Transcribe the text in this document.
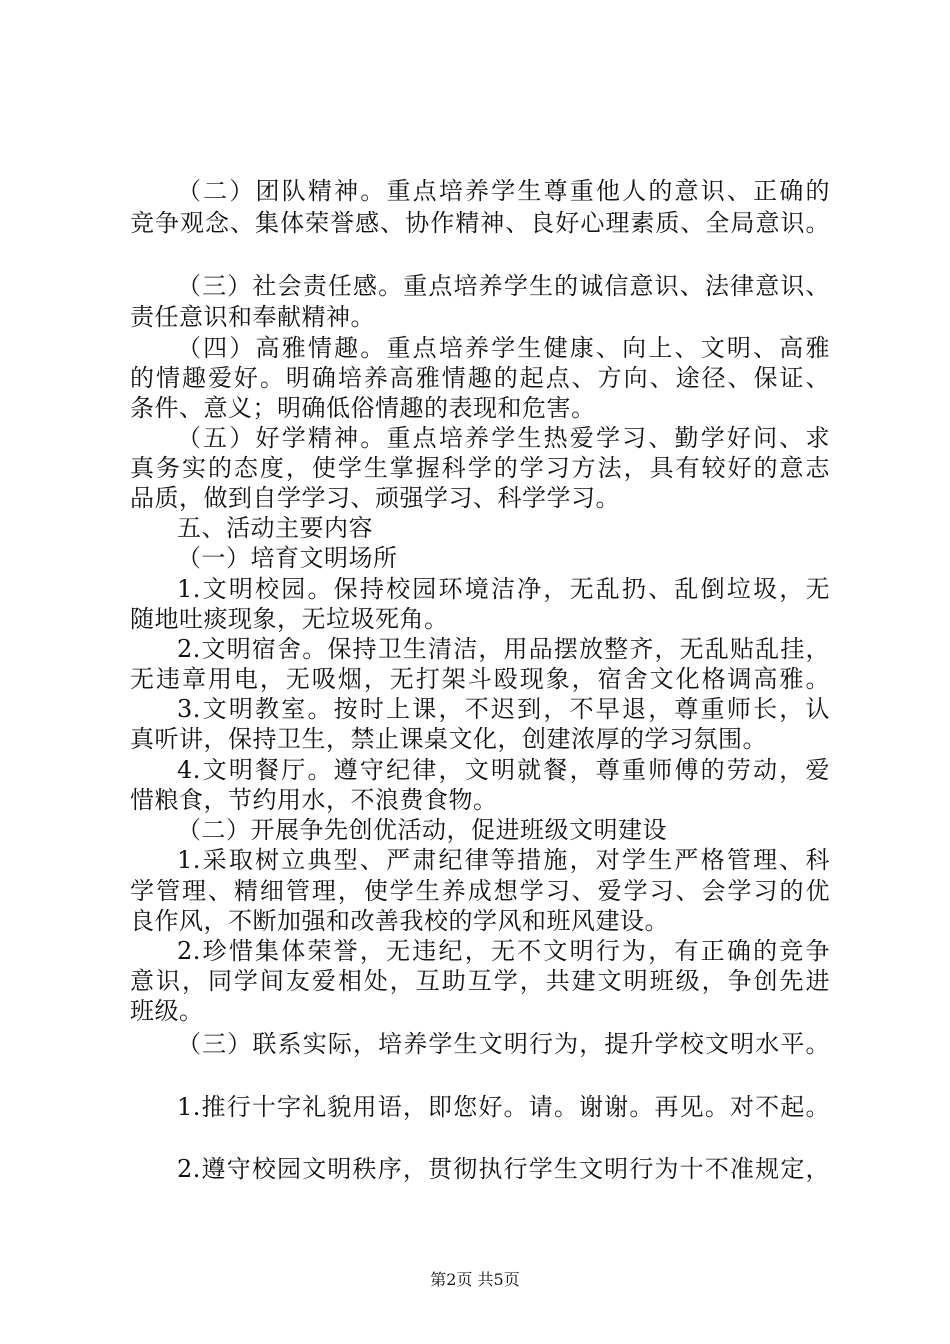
（二）团队精神。重点培养学生尊重他人的意识、正确的
竞争观念、集体荣誉感、协作精神、良好心理素质、全局意识。
（三）社会责任感。重点培养学生的诚信意识、法律意识、
责任意识和奉献精神。
（四）高雅情趣。重点培养学生健康、向上、文明、高雅
的情趣爱好。明确培养高雅情趣的起点、方向、途径、保证、
条件、意义；明确低俗情趣的表现和危害。
（五）好学精神。重点培养学生热爱学习、勤学好问、求
真务实的态度，使学生掌握科学的学习方法，具有较好的意志
品质，做到自学学习、顽强学习、科学学习。
五、活动主要内容
（一）培育文明场所
1.文明校园。保持校园环境洁净，无乱扔、乱倒垃圾，无
随地吐痰现象，无垃圾死角。
2.文明宿舍。保持卫生清洁，用品摆放整齐，无乱贴乱挂，
无违章用电，无吸烟，无打架斗殴现象，宿舍文化格调高雅。
3.文明教室。按时上课，不迟到，不早退，尊重师长，认
真听讲，保持卫生，禁止课桌文化，创建浓厚的学习氛围。
4.文明餐厅。遵守纪律，文明就餐，尊重师傅的劳动，爱
惜粮食，节约用水，不浪费食物。
（二）开展争先创优活动，促进班级文明建设
1.采取树立典型、严肃纪律等措施，对学生严格管理、科
学管理、精细管理，使学生养成想学习、爱学习、会学习的优
良作风，不断加强和改善我校的学风和班风建设。
2.珍惜集体荣誉，无违纪，无不文明行为，有正确的竞争
意识，同学间友爱相处，互助互学，共建文明班级，争创先进
班级。
（三）联系实际，培养学生文明行为，提升学校文明水平。
1.推行十字礼貌用语，即您好。请。谢谢。再见。对不起。
2.遵守校园文明秩序，贯彻执行学生文明行为十不准规定，
第2页 共5页
